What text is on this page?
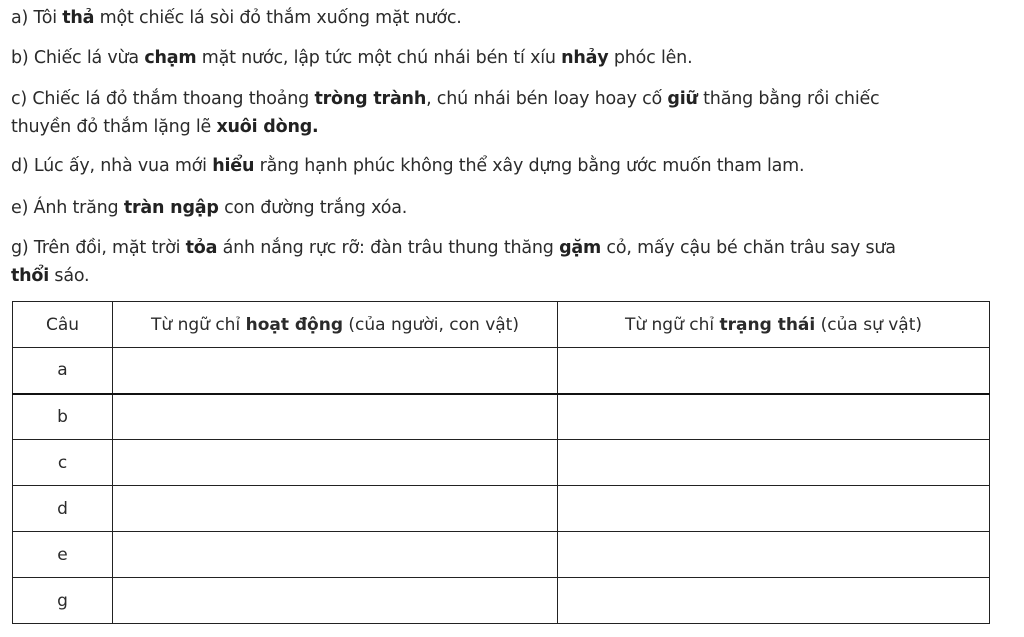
a) Tôi thả một chiếc lá sòi đỏ thắm xuống mặt nước.
b) Chiếc lá vừa chạm mặt nước, lập tức một chú nhái bén tí xíu nhảy phóc lên.
c) Chiếc lá đỏ thắm thoang thoảng tròng trành, chú nhái bén loay hoay cố giữ thăng bằng rồi chiếc
thuyền đỏ thắm lặng lẽ xuôi dòng.
d) Lúc ấy, nhà vua mới hiểu rằng hạnh phúc không thể xây dựng bằng ước muốn tham lam.
e) Ánh trăng tràn ngập con đường trắng xóa.
g) Trên đồi, mặt trời tỏa ánh nắng rực rỡ: đàn trâu thung thăng gặm cỏ, mấy cậu bé chăn trâu say sưa
thổi sáo.
Câu	Từ ngữ chỉ hoạt động (của người, con vật)	Từ ngữ chỉ trạng thái (của sự vật)
a		
b		
c		
d		
e		
g		
